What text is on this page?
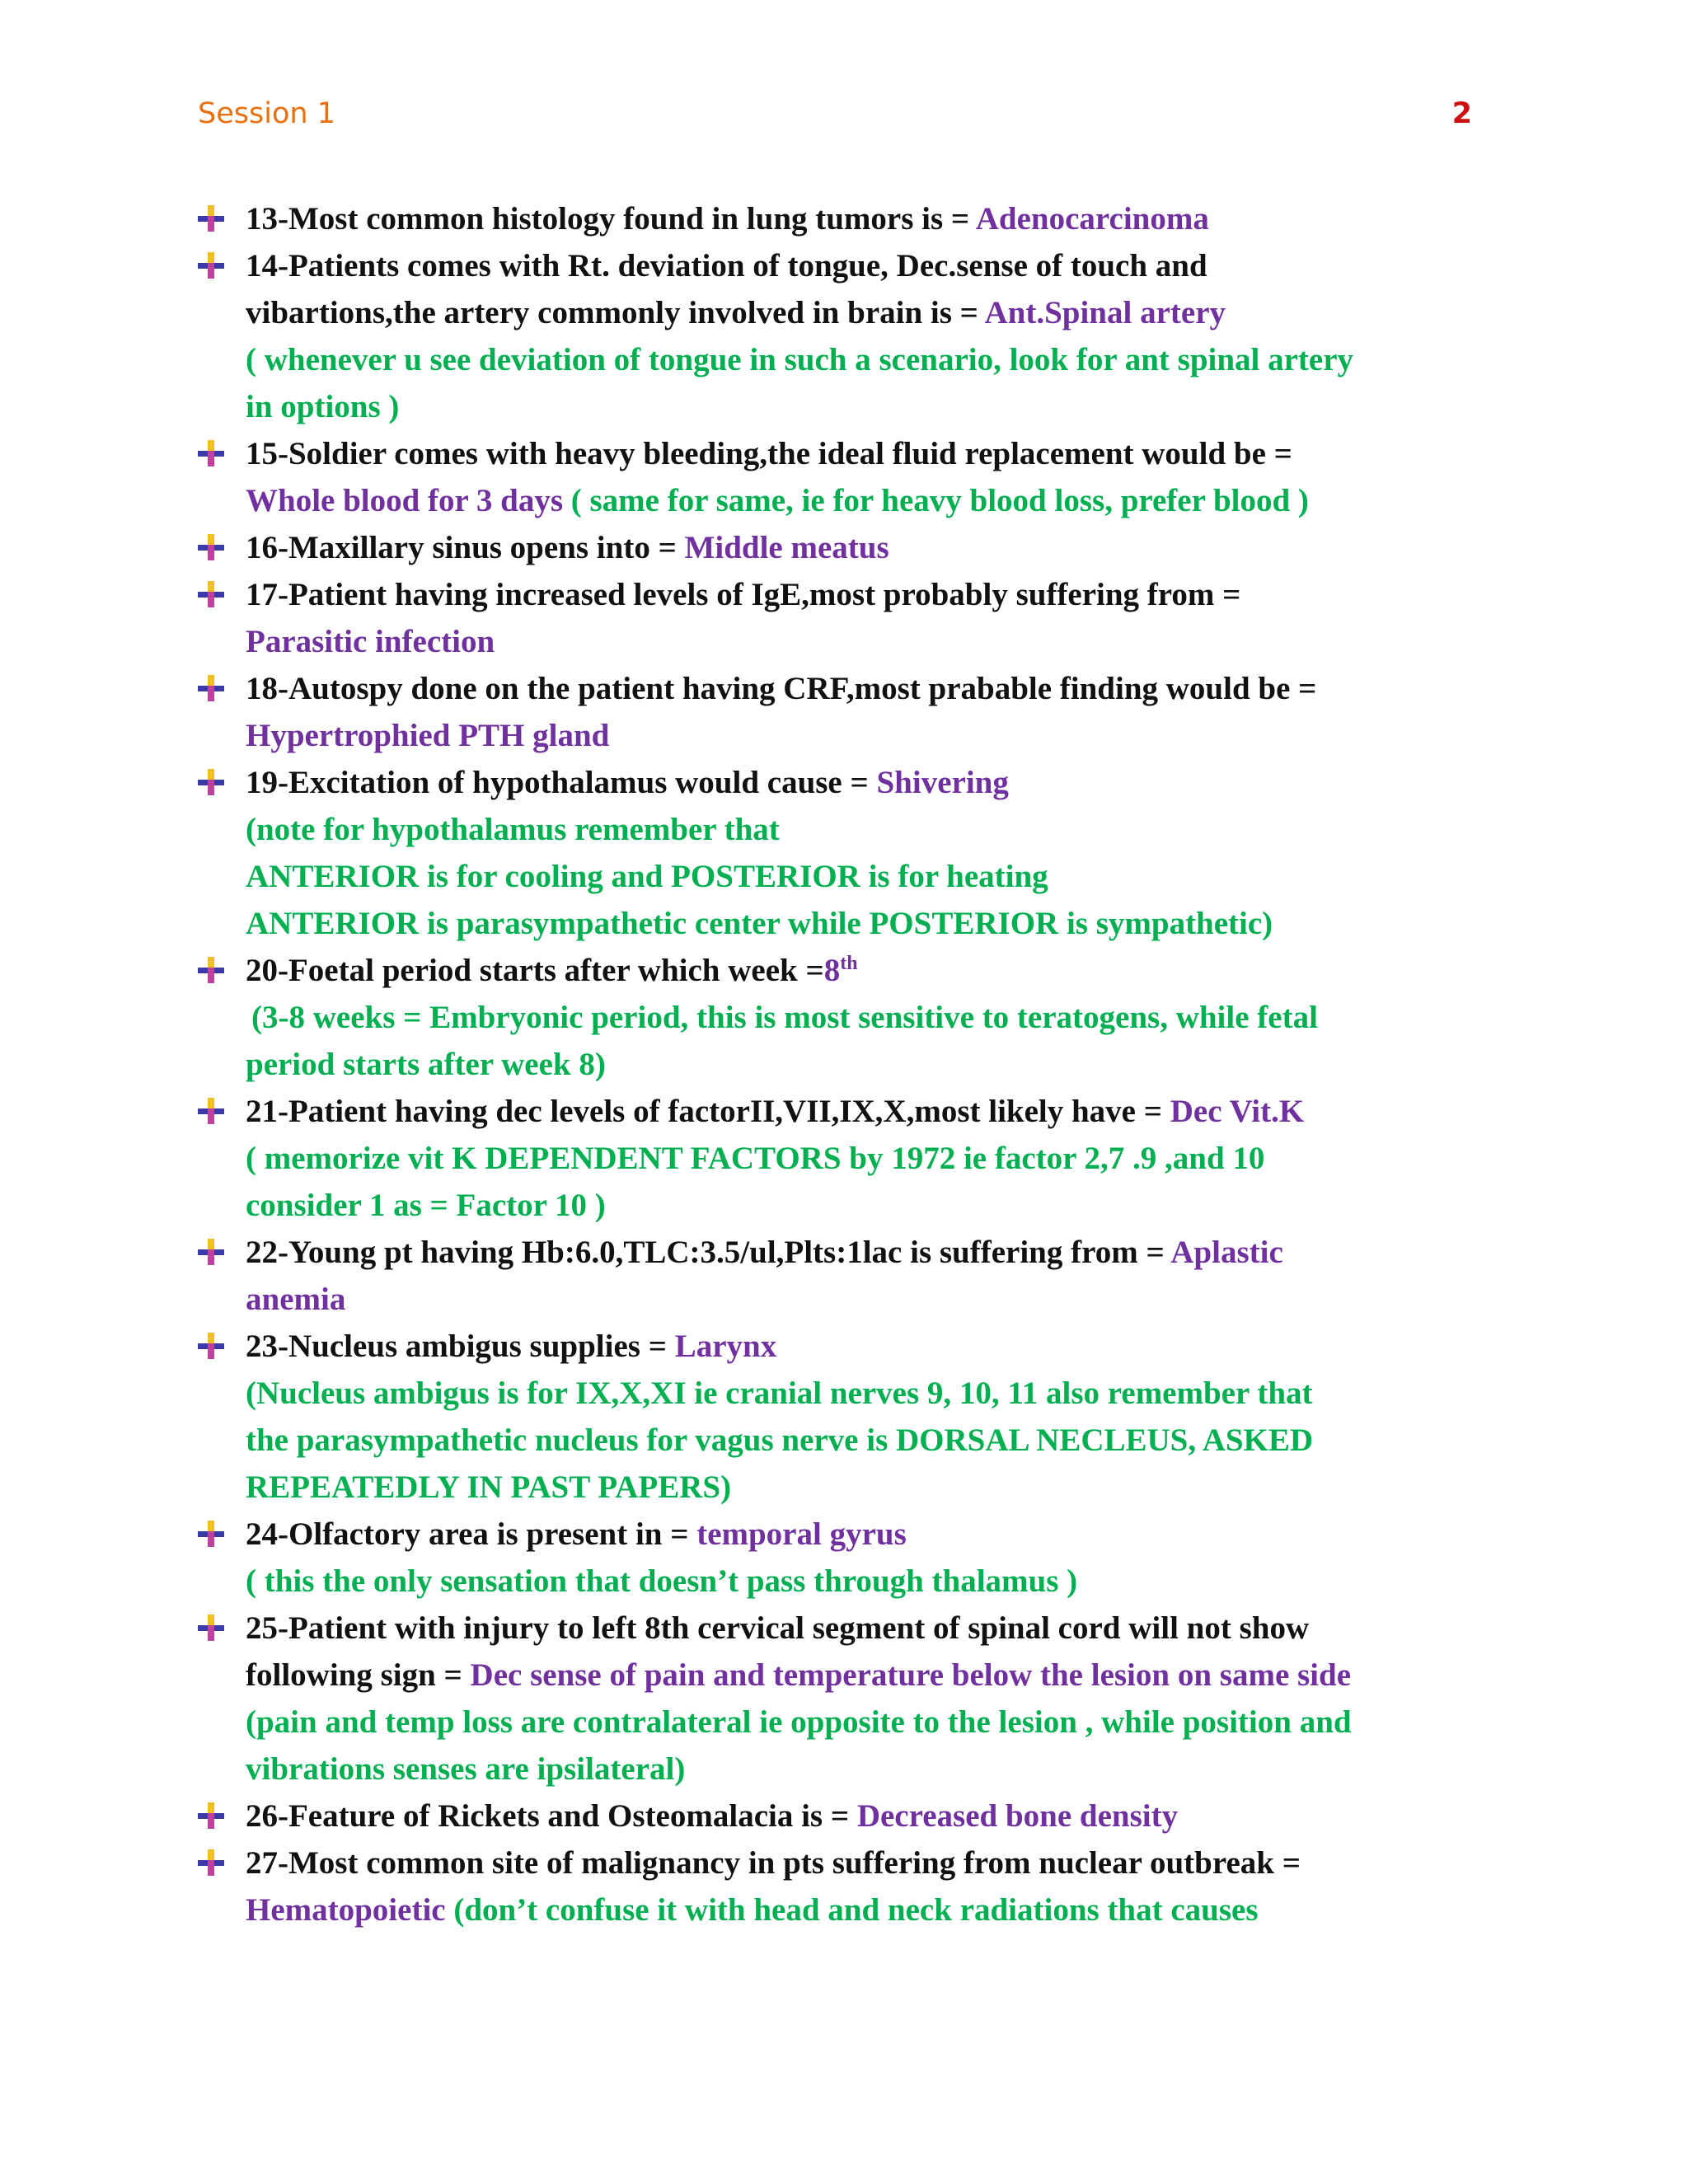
Session 1	2
13-Most common histology found in lung tumors is = Adenocarcinoma
14-Patients comes with Rt. deviation of tongue, Dec.sense of touch and
vibartions,the artery commonly involved in brain is = Ant.Spinal artery
( whenever u see deviation of tongue in such a scenario, look for ant spinal artery
in options )
15-Soldier comes with heavy bleeding,the ideal fluid replacement would be =
Whole blood for 3 days ( same for same, ie for heavy blood loss, prefer blood )
16-Maxillary sinus opens into = Middle meatus
17-Patient having increased levels of IgE,most probably suffering from =
Parasitic infection
18-Autospy done on the patient having CRF,most prabable finding would be =
Hypertrophied PTH gland
19-Excitation of hypothalamus would cause = Shivering
(note for hypothalamus remember that
ANTERIOR is for cooling and POSTERIOR is for heating
ANTERIOR is parasympathetic center while POSTERIOR is sympathetic)
20-Foetal period starts after which week =8th
(3-8 weeks = Embryonic period, this is most sensitive to teratogens, while fetal
period starts after week 8)
21-Patient having dec levels of factorII,VII,IX,X,most likely have = Dec Vit.K
( memorize vit K DEPENDENT FACTORS by 1972 ie factor 2,7 .9 ,and 10
consider 1 as = Factor 10 )
22-Young pt having Hb:6.0,TLC:3.5/ul,Plts:1lac is suffering from = Aplastic
anemia
23-Nucleus ambigus supplies = Larynx
(Nucleus ambigus is for IX,X,XI ie cranial nerves 9, 10, 11 also remember that
the parasympathetic nucleus for vagus nerve is DORSAL NECLEUS, ASKED
REPEATEDLY IN PAST PAPERS)
24-Olfactory area is present in = temporal gyrus
( this the only sensation that doesn’t pass through thalamus )
25-Patient with injury to left 8th cervical segment of spinal cord will not show
following sign = Dec sense of pain and temperature below the lesion on same side
(pain and temp loss are contralateral ie opposite to the lesion , while position and
vibrations senses are ipsilateral)
26-Feature of Rickets and Osteomalacia is = Decreased bone density
27-Most common site of malignancy in pts suffering from nuclear outbreak =
Hematopoietic (don’t confuse it with head and neck radiations that causes
